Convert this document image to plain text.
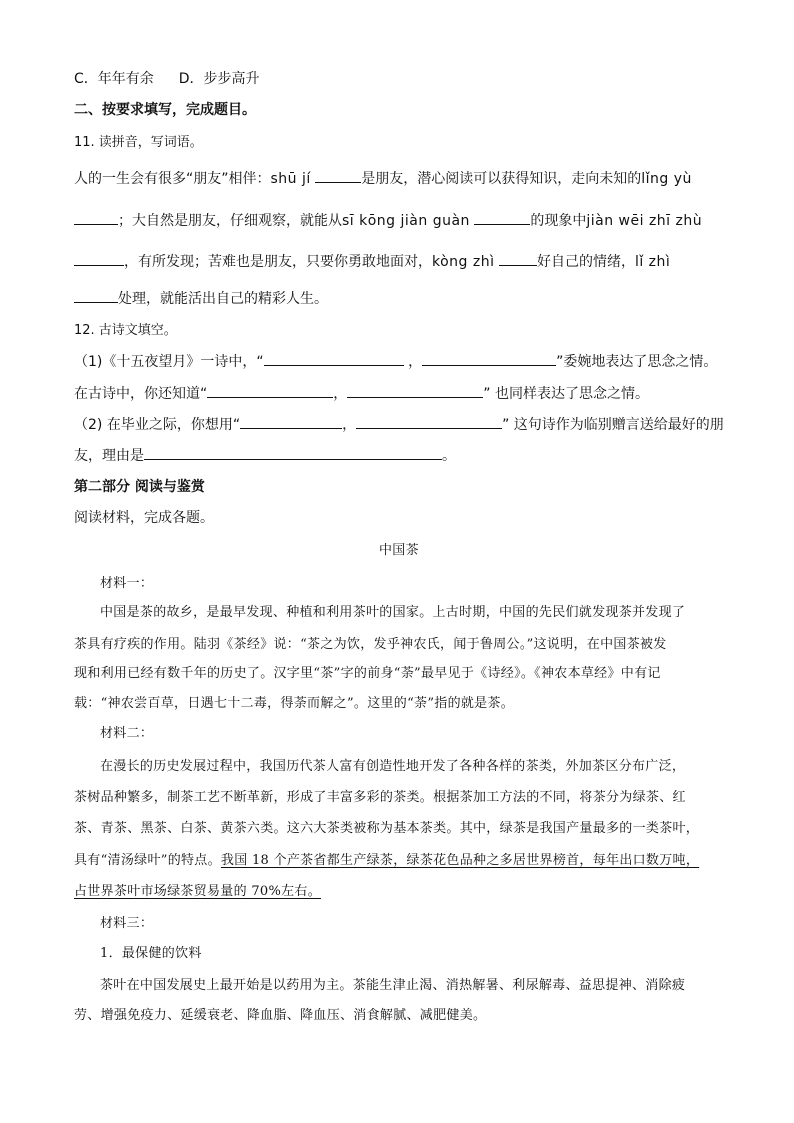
C．年年有余 D．步步高升
二、按要求填写，完成题目。
11. 读拼音，写词语。
人的一生会有很多“朋友”相伴：shū jí	是朋友，潜心阅读可以获得知识，走向未知的lǐng yù
；大自然是朋友，仔细观察，就能从sī kōng jiàn guàn	的现象中jiàn wēi zhī zhù
，有所发现；苦难也是朋友，只要你勇敢地面对，kòng zhì	好自己的情绪，lǐ zhì
处理，就能活出自己的精彩人生。
12. 古诗文填空。
（1)《十五夜望月》一诗中，“	，	”委婉地表达了思念之情。
在古诗中，你还知道“	，	” 也同样表达了思念之情。
（2) 在毕业之际，你想用“	，	” 这句诗作为临别赠言送给最好的朋
友，理由是	。
第二部分 阅读与鉴赏
阅读材料，完成各题。
中国茶
材料一：
中国是茶的故乡，是最早发现、种植和利用茶叶的国家。上古时期，中国的先民们就发现茶并发现了
茶具有疗疾的作用。陆羽《茶经》说：“茶之为饮，发乎神农氏，闻于鲁周公。”这说明，在中国茶被发
现和利用已经有数千年的历史了。汉字里“茶”字的前身“荼”最早见于《诗经》。《神农本草经》中有记
载：“神农尝百草，日遇七十二毒，得荼而解之”。这里的“荼”指的就是茶。
材料二：
在漫长的历史发展过程中，我国历代茶人富有创造性地开发了各种各样的茶类，外加茶区分布广泛，
茶树品种繁多，制茶工艺不断革新，形成了丰富多彩的茶类。根据茶加工方法的不同，将茶分为绿茶、红
茶、青茶、黑茶、白茶、黄茶六类。这六大茶类被称为基本茶类。其中，绿茶是我国产量最多的一类茶叶，
具有“清汤绿叶”的特点。我国 18 个产茶省都生产绿茶，绿茶花色品种之多居世界榜首，每年出口数万吨，
占世界茶叶市场绿茶贸易量的 70%左右。
材料三：
1．最保健的饮料
茶叶在中国发展史上最开始是以药用为主。茶能生津止渴、消热解暑、利尿解毒、益思提神、消除疲
劳、增强免疫力、延缓衰老、降血脂、降血压、消食解腻、减肥健美。
